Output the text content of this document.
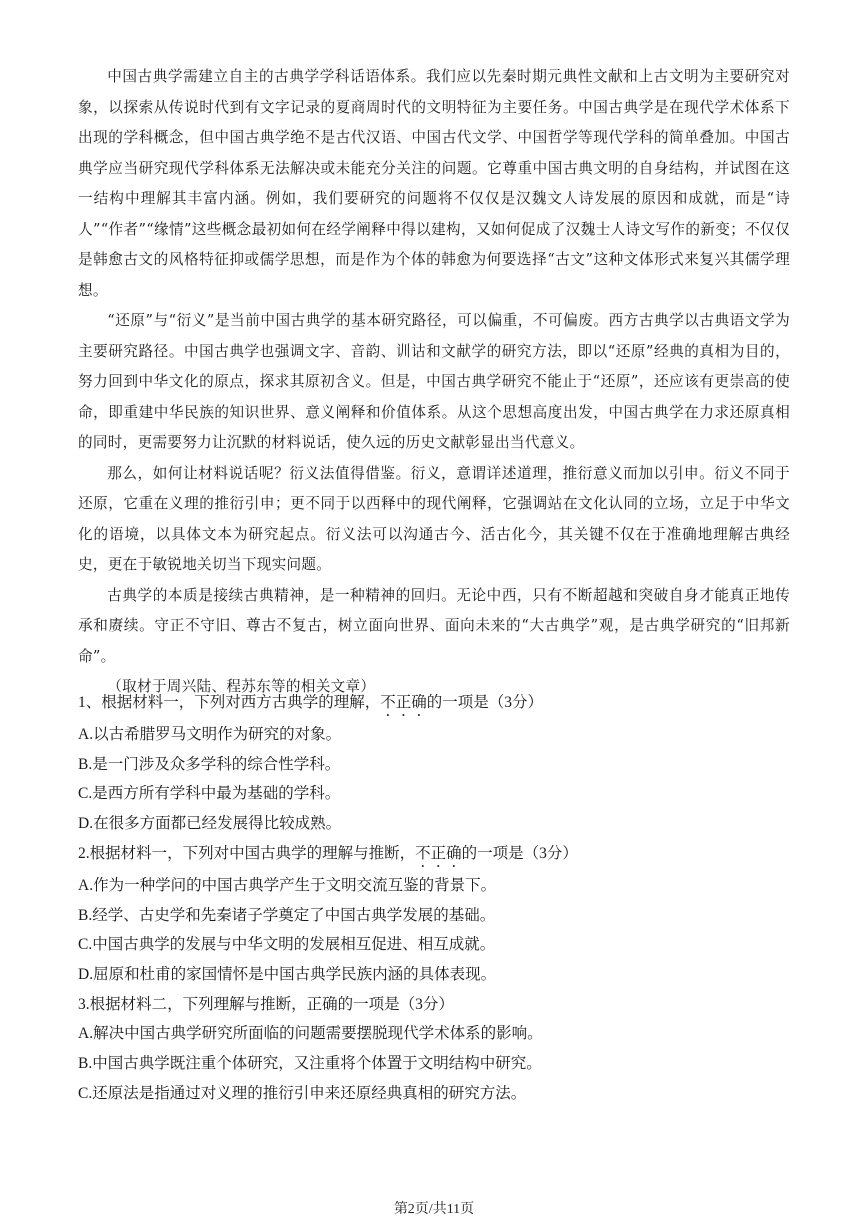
中国古典学需建立自主的古典学学科话语体系。我们应以先秦时期元典性文献和上古文明为主要研究对象，以探索从传说时代到有文字记录的夏商周时代的文明特征为主要任务。中国古典学是在现代学术体系下出现的学科概念，但中国古典学绝不是古代汉语、中国古代文学、中国哲学等现代学科的简单叠加。中国古典学应当研究现代学科体系无法解决或未能充分关注的问题。它尊重中国古典文明的自身结构，并试图在这一结构中理解其丰富内涵。例如，我们要研究的问题将不仅仅是汉魏文人诗发展的原因和成就，而是“诗人”“作者”“缘情”这些概念最初如何在经学阐释中得以建构，又如何促成了汉魏士人诗文写作的新变；不仅仅是韩愈古文的风格特征抑或儒学思想，而是作为个体的韩愈为何要选择“古文”这种文体形式来复兴其儒学理想。

“还原”与“衍义”是当前中国古典学的基本研究路径，可以偏重，不可偏废。西方古典学以古典语文学为主要研究路径。中国古典学也强调文字、音韵、训诂和文献学的研究方法，即以“还原”经典的真相为目的，努力回到中华文化的原点，探求其原初含义。但是，中国古典学研究不能止于“还原”，还应该有更崇高的使命，即重建中华民族的知识世界、意义阐释和价值体系。从这个思想高度出发，中国古典学在力求还原真相的同时，更需要努力让沉默的材料说话，使久远的历史文献彰显出当代意义。

那么，如何让材料说话呢？衍义法值得借鉴。衍义，意谓详述道理，推衍意义而加以引申。衍义不同于还原，它重在义理的推衍引申；更不同于以西释中的现代阐释，它强调站在文化认同的立场，立足于中华文化的语境，以具体文本为研究起点。衍义法可以沟通古今、活古化今，其关键不仅在于准确地理解古典经史，更在于敏锐地关切当下现实问题。

古典学的本质是接续古典精神，是一种精神的回归。无论中西，只有不断超越和突破自身才能真正地传承和赓续。守正不守旧、尊古不复古，树立面向世界、面向未来的“大古典学”观，是古典学研究的“旧邦新命”。

（取材于周兴陆、程苏东等的相关文章）

1、根据材料一，下列对西方古典学的理解，不正确的一项是（3分）

A.以古希腊罗马文明作为研究的对象。

B.是一门涉及众多学科的综合性学科。

C.是西方所有学科中最为基础的学科。

D.在很多方面都已经发展得比较成熟。

2.根据材料一，下列对中国古典学的理解与推断，不正确的一项是（3分）

A.作为一种学问的中国古典学产生于文明交流互鉴的背景下。

B.经学、古史学和先秦诸子学奠定了中国古典学发展的基础。

C.中国古典学的发展与中华文明的发展相互促进、相互成就。

D.屈原和杜甫的家国情怀是中国古典学民族内涵的具体表现。

3.根据材料二，下列理解与推断，正确的一项是（3分）

A.解决中国古典学研究所面临的问题需要摆脱现代学术体系的影响。

B.中国古典学既注重个体研究，又注重将个体置于文明结构中研究。

C.还原法是指通过对义理的推衍引申来还原经典真相的研究方法。

第2页/共11页
